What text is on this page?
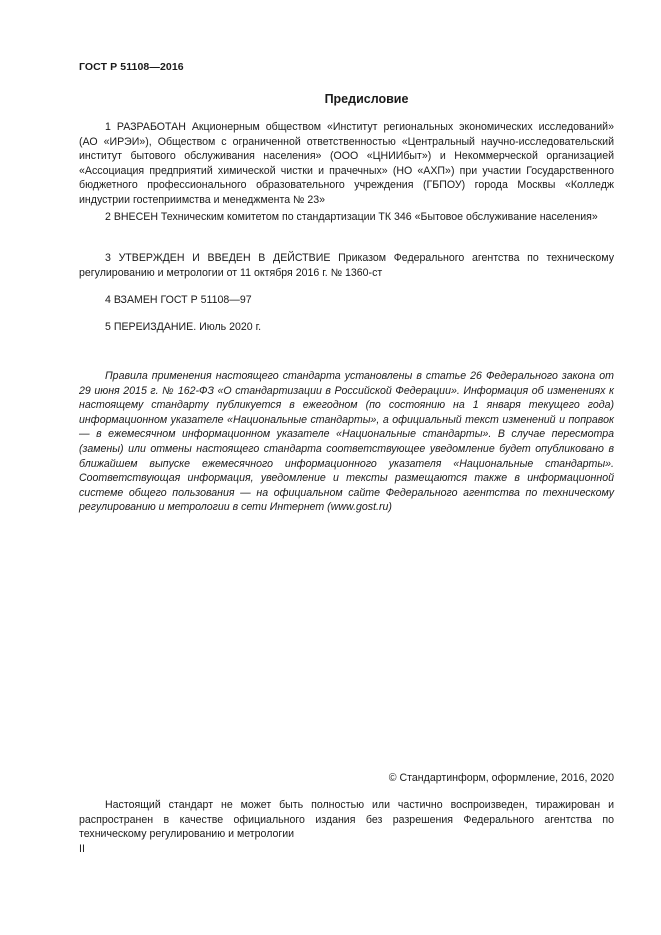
ГОСТ Р 51108—2016
Предисловие

1 РАЗРАБОТАН Акционерным обществом «Институт региональных экономических исследований» (АО «ИРЭИ»), Обществом с ограниченной ответственностью «Центральный научно-исследовательский институт бытового обслуживания населения» (ООО «ЦНИИбыт») и Некоммерческой организацией «Ассоциация предприятий химической чистки и прачечных» (НО «АХП») при участии Государственного бюджетного профессионального образовательного учреждения (ГБПОУ) города Москвы «Колледж индустрии гостеприимства и менеджмента № 23»

2 ВНЕСЕН Техническим комитетом по стандартизации ТК 346 «Бытовое обслуживание населения»

3 УТВЕРЖДЕН И ВВЕДЕН В ДЕЙСТВИЕ Приказом Федерального агентства по техническому регулированию и метрологии от 11 октября 2016 г. № 1360-ст

4 ВЗАМЕН ГОСТ Р 51108—97

5 ПЕРЕИЗДАНИЕ. Июль 2020 г.

Правила применения настоящего стандарта установлены в статье 26 Федерального закона от 29 июня 2015 г. № 162-ФЗ «О стандартизации в Российской Федерации». Информация об изменениях к настоящему стандарту публикуется в ежегодном (по состоянию на 1 января текущего года) информационном указателе «Национальные стандарты», а официальный текст изменений и поправок — в ежемесячном информационном указателе «Национальные стандарты». В случае пересмотра (замены) или отмены настоящего стандарта соответствующее уведомление будет опубликовано в ближайшем выпуске ежемесячного информационного указателя «Национальные стандарты». Соответствующая информация, уведомление и тексты размещаются также в информационной системе общего пользования — на официальном сайте Федерального агентства по техническому регулированию и метрологии в сети Интернет (www.gost.ru)

© Стандартинформ, оформление, 2016, 2020

Настоящий стандарт не может быть полностью или частично воспроизведен, тиражирован и распространен в качестве официального издания без разрешения Федерального агентства по техническому регулированию и метрологии

II
